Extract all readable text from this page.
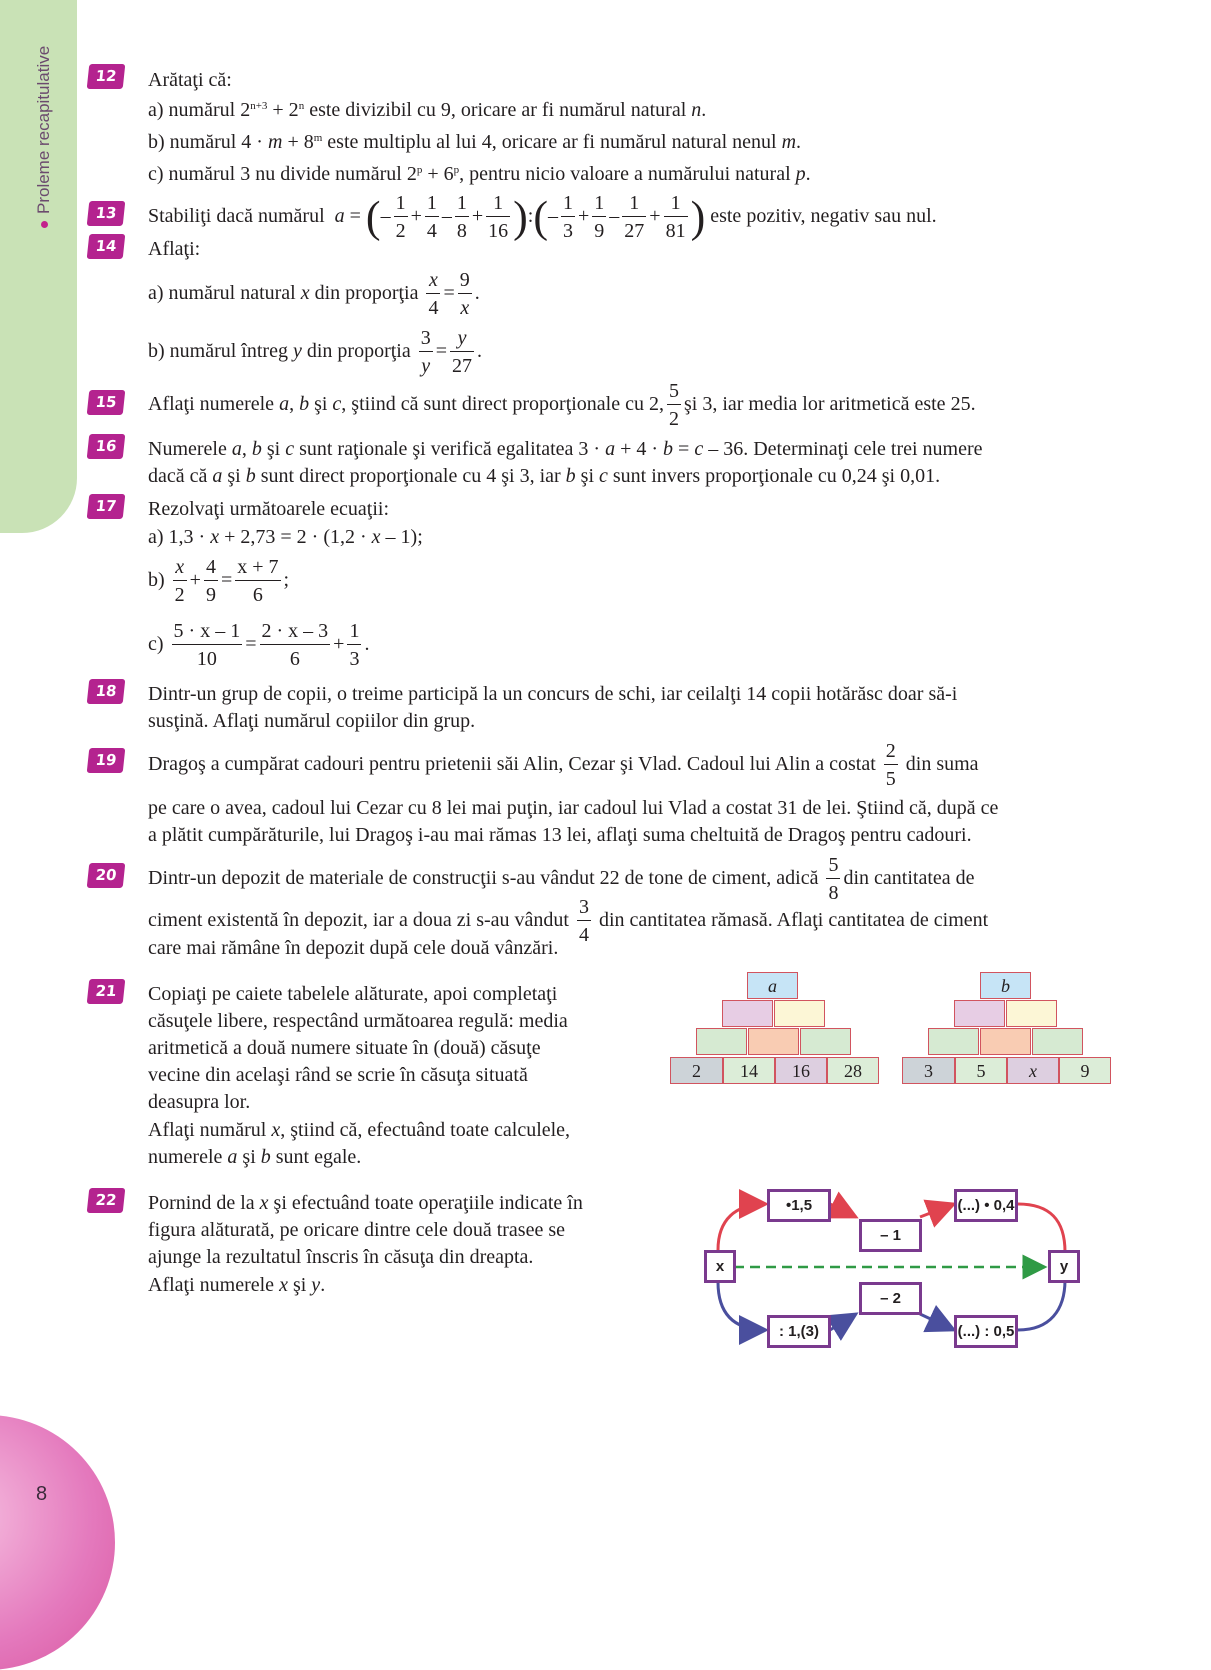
Proleme recapitulative
8
12	Arătaţi că:
a) numărul $2^{n+3} + 2^n$ este divizibil cu 9, oricare ar fi numărul natural n.
b) numărul $4 \cdot m + 8^m$ este multiplu al lui 4, oricare ar fi numărul natural nenul m.
c) numărul 3 nu divide numărul $2^p + 6^p$, pentru nicio valoare a numărului natural p.
13	Stabiliţi dacă numărul a = (– $\frac{1}{2} + \frac{1}{4} - \frac{1}{8} + \frac{1}{16}$ ):(– $\frac{1}{3} + \frac{1}{9} - \frac{1}{27} + \frac{1}{81}$ ) este pozitiv, negativ sau nul.
14	Aflaţi:
a) numărul natural x din proporţia $\frac{x}{4} = \frac{9}{x}$ .
b) numărul întreg y din proporţia $\frac{3}{y} = \frac{y}{27}$ .
15	Aflaţi numerele a, b şi c, ştiind că sunt direct proporţionale cu 2, $\frac{5}{2}$ şi 3, iar media lor aritmetică este 25.
16	Numerele a, b şi c sunt raţionale şi verifică egalitatea 3 · a + 4 · b = c – 36. Determinaţi cele trei numere
dacă că a şi b sunt direct proporţionale cu 4 şi 3, iar b şi c sunt invers proporţionale cu 0,24 şi 0,01.
17	Rezolvaţi următoarele ecuaţii:
a) 1,3 · x + 2,73 = 2 · (1,2 · x – 1);
$b) \frac{x}{2} + \frac{4}{9} = \frac{x + 7}{6}$ ;
$c) \frac{5 \cdot x - 1}{10} = \frac{2 \cdot x - 3}{6} + \frac{1}{3}$ .
18	Dintr-un grup de copii, o treime participă la un concurs de schi, iar ceilalţi 14 copii hotărăsc doar să-i
susţină. Aflaţi numărul copiilor din grup.
19	Dragoş a cumpărat cadouri pentru prietenii săi Alin, Cezar şi Vlad. Cadoul lui Alin a costat $\frac{2}{5}$ din suma
pe care o avea, cadoul lui Cezar cu 8 lei mai puţin, iar cadoul lui Vlad a costat 31 de lei. Ştiind că, după ce
a plătit cumpărăturile, lui Dragoş i-au mai rămas 13 lei, aflaţi suma cheltuită de Dragoş pentru cadouri.
20	Dintr-un depozit de materiale de construcţii s-au vândut 22 de tone de ciment, adică $\frac{5}{8}$ din cantitatea de
ciment existentă în depozit, iar a doua zi s-au vândut $\frac{3}{4}$ din cantitatea rămasă. Aflaţi cantitatea de ciment
care mai rămâne în depozit după cele două vânzări.
21	Copiaţi pe caiete tabelele alăturate, apoi completaţi
căsuţele libere, respectând următoarea regulă: media
aritmetică a două numere situate în (două) căsuţe
vecine din acelaşi rând se scrie în căsuţa situată
deasupra lor.
Aflaţi numărul x, ştiind că, efectuând toate calculele,
numerele a şi b sunt egale.
a
2	14	16	28
b
3	5	x	9
22	Pornind de la x şi efectuând toate operaţiile indicate în
figura alăturată, pe oricare dintre cele două trasee se
ajunge la rezultatul înscris în căsuţa din dreapta.
Aflaţi numerele x şi y.
x	y
•1,5
– 1
(...) • 0,4
: 1,(3)
– 2
(...) : 0,5
